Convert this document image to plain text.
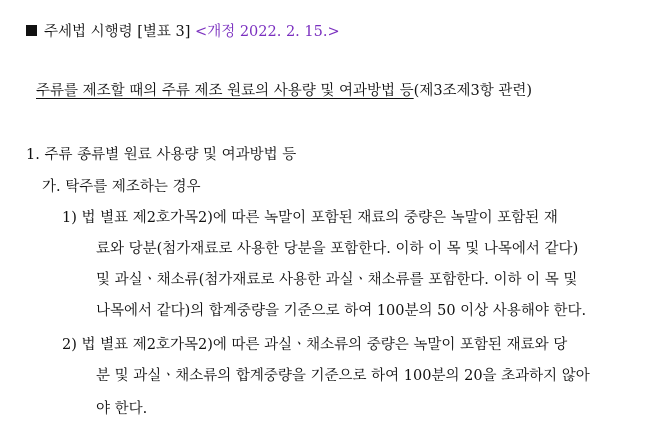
주세법 시행령 [별표 3] <개정 2022. 2. 15.>
주류를 제조할 때의 주류 제조 원료의 사용량 및 여과방법 등(제3조제3항 관련)
1. 주류 종류별 원료 사용량 및 여과방법 등
가. 탁주를 제조하는 경우
1) 법 별표 제2호가목2)에 따른 녹말이 포함된 재료의 중량은 녹말이 포함된 재
료와 당분(첨가재료로 사용한 당분을 포함한다. 이하 이 목 및 나목에서 같다)
및 과실ㆍ채소류(첨가재료로 사용한 과실ㆍ채소류를 포함한다. 이하 이 목 및
나목에서 같다)의 합계중량을 기준으로 하여 100분의 50 이상 사용해야 한다.
2) 법 별표 제2호가목2)에 따른 과실ㆍ채소류의 중량은 녹말이 포함된 재료와 당
분 및 과실ㆍ채소류의 합계중량을 기준으로 하여 100분의 20을 초과하지 않아
야 한다.
